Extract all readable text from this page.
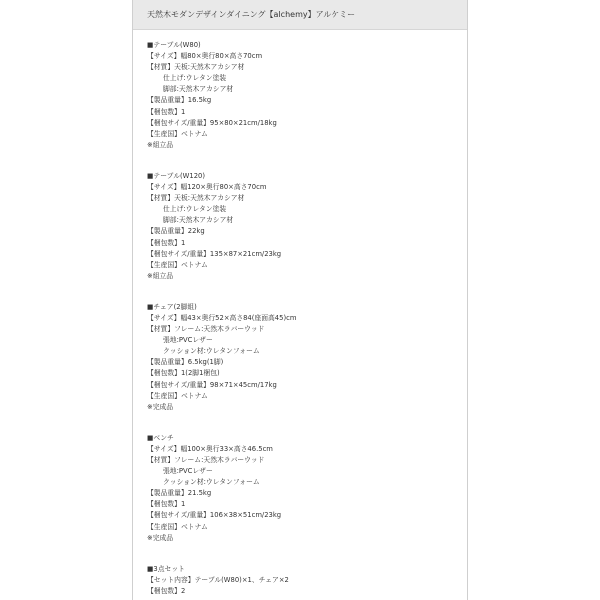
天然木モダンデザインダイニング【alchemy】アルケミー
■テーブル(W80)
【サイズ】幅80×奥行80×高さ70cm
【材質】天板:天然木アカシア材
仕上げ:ウレタン塗装
脚部:天然木アカシア材
【製品重量】16.5kg
【梱包数】1
【梱包サイズ/重量】95×80×21cm/18kg
【生産国】ベトナム
※組立品
■テーブル(W120)
【サイズ】幅120×奥行80×高さ70cm
【材質】天板:天然木アカシア材
仕上げ:ウレタン塗装
脚部:天然木アカシア材
【製品重量】22kg
【梱包数】1
【梱包サイズ/重量】135×87×21cm/23kg
【生産国】ベトナム
※組立品
■チェア(2脚組)
【サイズ】幅43×奥行52×高さ84(座面高45)cm
【材質】フレーム:天然木ラバーウッド
張地:PVCレザー
クッション材:ウレタンフォーム
【製品重量】6.5kg(1脚)
【梱包数】1(2脚1梱包)
【梱包サイズ/重量】98×71×45cm/17kg
【生産国】ベトナム
※完成品
■ベンチ
【サイズ】幅100×奥行33×高さ46.5cm
【材質】フレーム:天然木ラバーウッド
張地:PVCレザー
クッション材:ウレタンフォーム
【製品重量】21.5kg
【梱包数】1
【梱包サイズ/重量】106×38×51cm/23kg
【生産国】ベトナム
※完成品
■3点セット
【セット内容】テーブル(W80)×1、チェア×2
【梱包数】2
